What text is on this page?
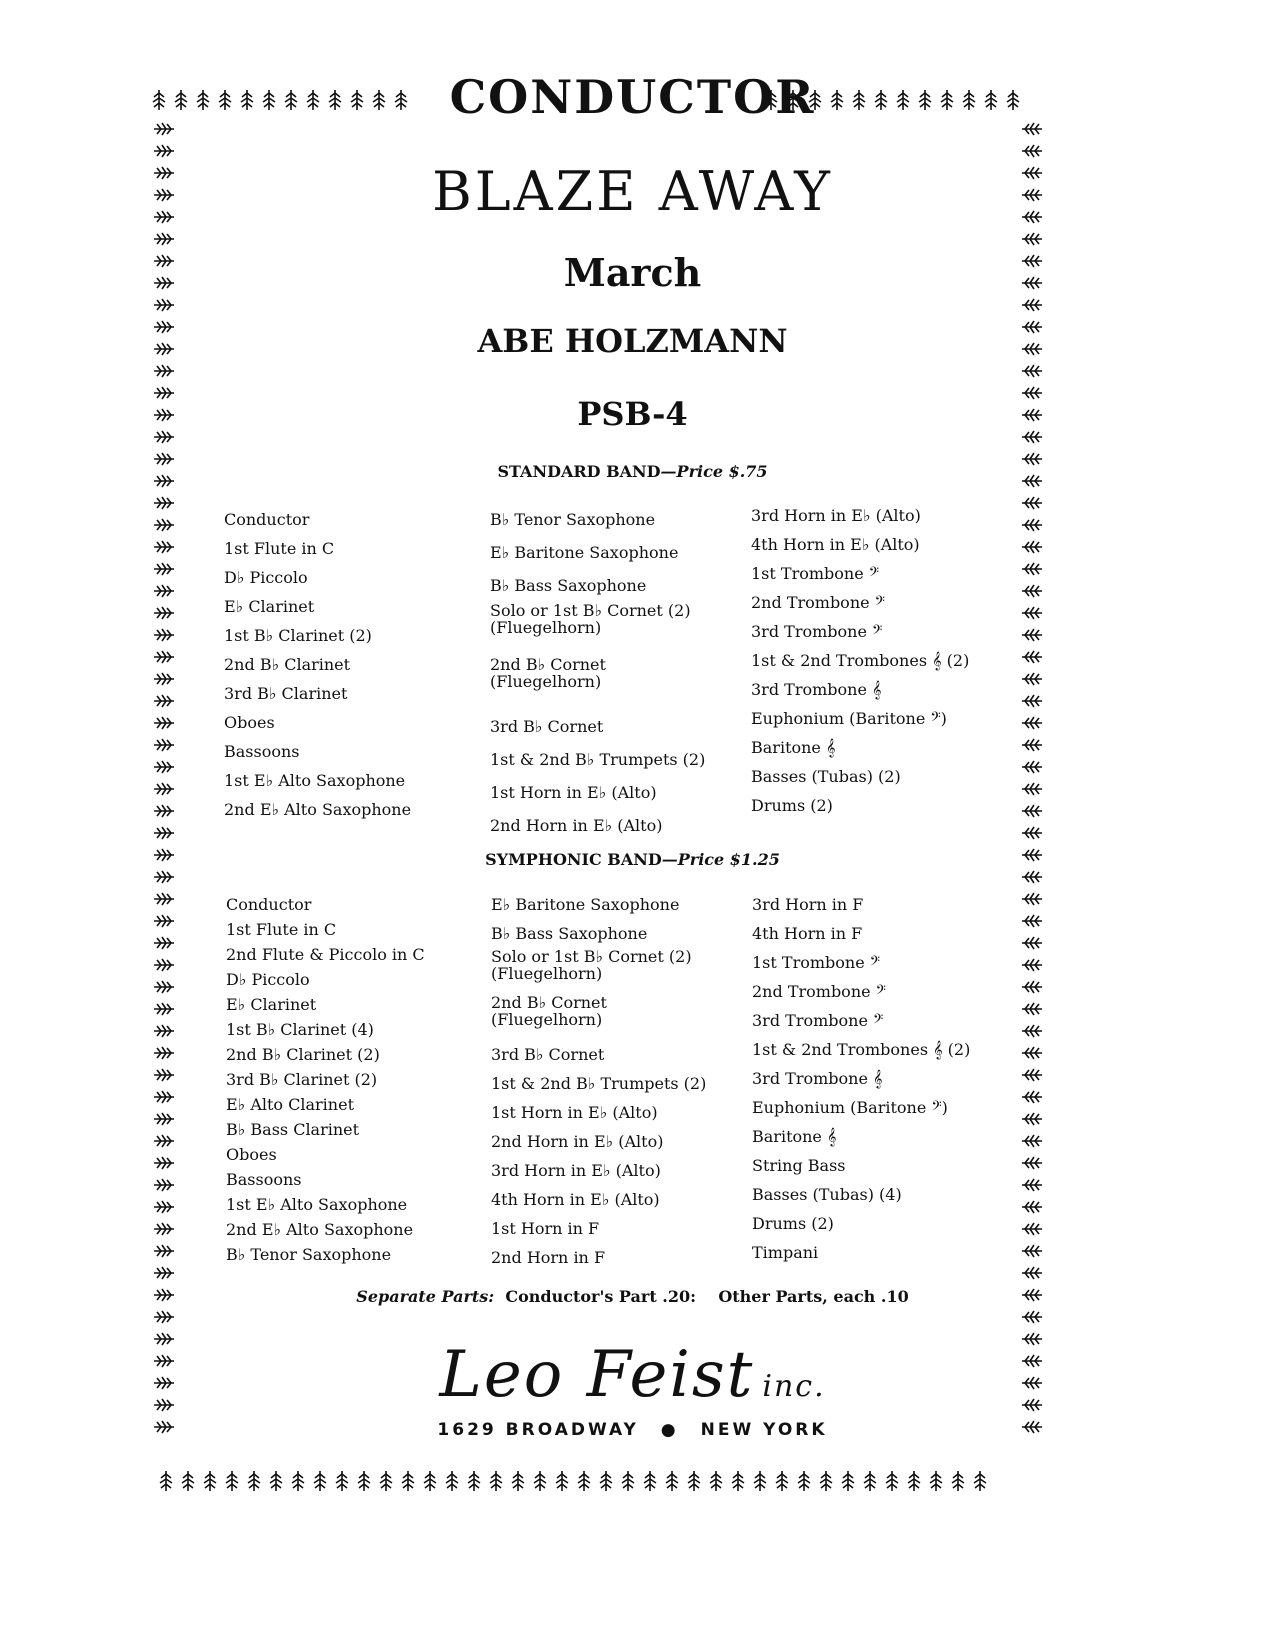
CONDUCTOR
BLAZE AWAY
March
ABE HOLZMANN
PSB-4
STANDARD BAND—Price $.75

Conductor

1st Flute in C

D♭ Piccolo

E♭ Clarinet

1st B♭ Clarinet (2)

2nd B♭ Clarinet

3rd B♭ Clarinet

Oboes

Bassoons

1st E♭ Alto Saxophone

2nd E♭ Alto Saxophone

B♭ Tenor Saxophone

E♭ Baritone Saxophone

B♭ Bass Saxophone

Solo or 1st B♭ Cornet (2)
(Fluegelhorn)

2nd B♭ Cornet
(Fluegelhorn)

3rd B♭ Cornet

1st & 2nd B♭ Trumpets (2)

1st Horn in E♭ (Alto)

2nd Horn in E♭ (Alto)

3rd Horn in E♭ (Alto)

4th Horn in E♭ (Alto)

1st Trombone 𝄢

2nd Trombone 𝄢

3rd Trombone 𝄢

1st & 2nd Trombones 𝄞 (2)

3rd Trombone 𝄞

Euphonium (Baritone 𝄢)

Baritone 𝄞

Basses (Tubas) (2)

Drums (2)

SYMPHONIC BAND—Price $1.25

Conductor

1st Flute in C

2nd Flute & Piccolo in C

D♭ Piccolo

E♭ Clarinet

1st B♭ Clarinet (4)

2nd B♭ Clarinet (2)

3rd B♭ Clarinet (2)

E♭ Alto Clarinet

B♭ Bass Clarinet

Oboes

Bassoons

1st E♭ Alto Saxophone

2nd E♭ Alto Saxophone

B♭ Tenor Saxophone

E♭ Baritone Saxophone

B♭ Bass Saxophone

Solo or 1st B♭ Cornet (2)
(Fluegelhorn)

2nd B♭ Cornet
(Fluegelhorn)

3rd B♭ Cornet

1st & 2nd B♭ Trumpets (2)

1st Horn in E♭ (Alto)

2nd Horn in E♭ (Alto)

3rd Horn in E♭ (Alto)

4th Horn in E♭ (Alto)

1st Horn in F

2nd Horn in F

3rd Horn in F

4th Horn in F

1st Trombone 𝄢

2nd Trombone 𝄢

3rd Trombone 𝄢

1st & 2nd Trombones 𝄞 (2)

3rd Trombone 𝄞

Euphonium (Baritone 𝄢)

Baritone 𝄞

String Bass

Basses (Tubas) (4)

Drums (2)

Timpani

Separate Parts: Conductor's Part .20: Other Parts, each .10
Leo Feist inc.
1629 BROADWAY ● NEW YORK
